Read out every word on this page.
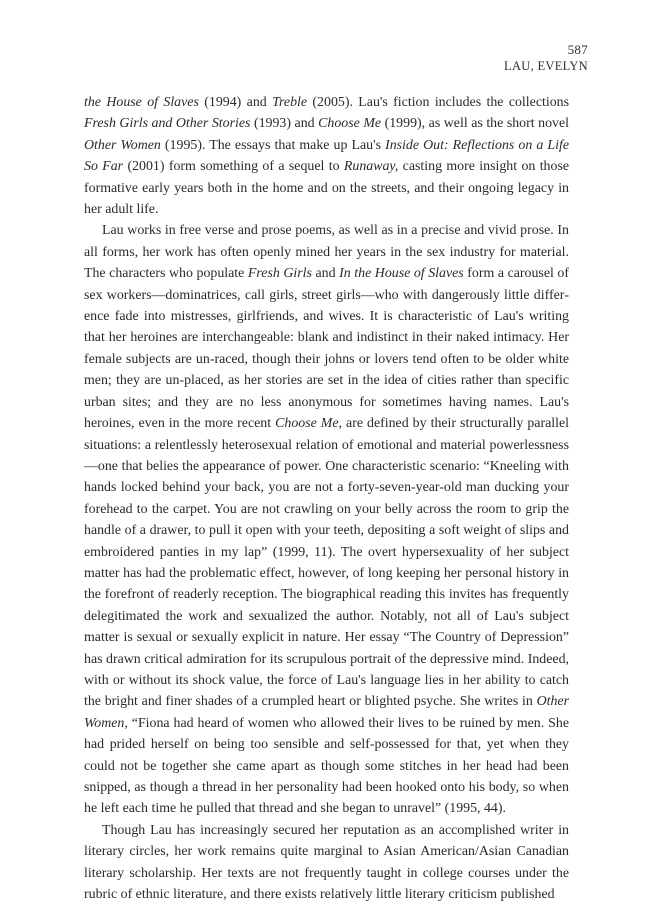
587
LAU, EVELYN

the House of Slaves (1994) and Treble (2005). Lau's fiction includes the collections Fresh Girls and Other Stories (1993) and Choose Me (1999), as well as the short novel Other Women (1995). The essays that make up Lau's Inside Out: Reflections on a Life So Far (2001) form something of a sequel to Runaway, casting more insight on those formative early years both in the home and on the streets, and their ongoing legacy in her adult life.

Lau works in free verse and prose poems, as well as in a precise and vivid prose. In all forms, her work has often openly mined her years in the sex industry for material. The characters who populate Fresh Girls and In the House of Slaves form a carousel of sex workers—dominatrices, call girls, street girls—who with dangerously little difference fade into mistresses, girlfriends, and wives. It is characteristic of Lau's writing that her heroines are interchangeable: blank and indistinct in their naked intimacy. Her female subjects are un-raced, though their johns or lovers tend often to be older white men; they are un-placed, as her stories are set in the idea of cities rather than specific urban sites; and they are no less anonymous for sometimes having names. Lau's heroines, even in the more recent Choose Me, are defined by their structurally parallel situations: a relentlessly heterosexual relation of emotional and material powerlessness—one that belies the appearance of power. One characteristic scenario: “Kneeling with hands locked behind your back, you are not a forty-seven-year-old man ducking your forehead to the carpet. You are not crawling on your belly across the room to grip the handle of a drawer, to pull it open with your teeth, depositing a soft weight of slips and embroidered panties in my lap” (1999, 11). The overt hypersexuality of her subject matter has had the problematic effect, however, of long keeping her personal history in the forefront of readerly reception. The biographical reading this invites has frequently delegitimated the work and sexualized the author. Notably, not all of Lau's subject matter is sexual or sexually explicit in nature. Her essay “The Country of Depression” has drawn critical admiration for its scrupulous portrait of the depressive mind. Indeed, with or without its shock value, the force of Lau's language lies in her ability to catch the bright and finer shades of a crumpled heart or blighted psyche. She writes in Other Women, “Fiona had heard of women who allowed their lives to be ruined by men. She had prided herself on being too sensible and self-possessed for that, yet when they could not be together she came apart as though some stitches in her head had been snipped, as though a thread in her personality had been hooked onto his body, so when he left each time he pulled that thread and she began to unravel” (1995, 44).

Though Lau has increasingly secured her reputation as an accomplished writer in literary circles, her work remains quite marginal to Asian American/Asian Canadian literary scholarship. Her texts are not frequently taught in college courses under the rubric of ethnic literature, and there exists relatively little literary criticism published
